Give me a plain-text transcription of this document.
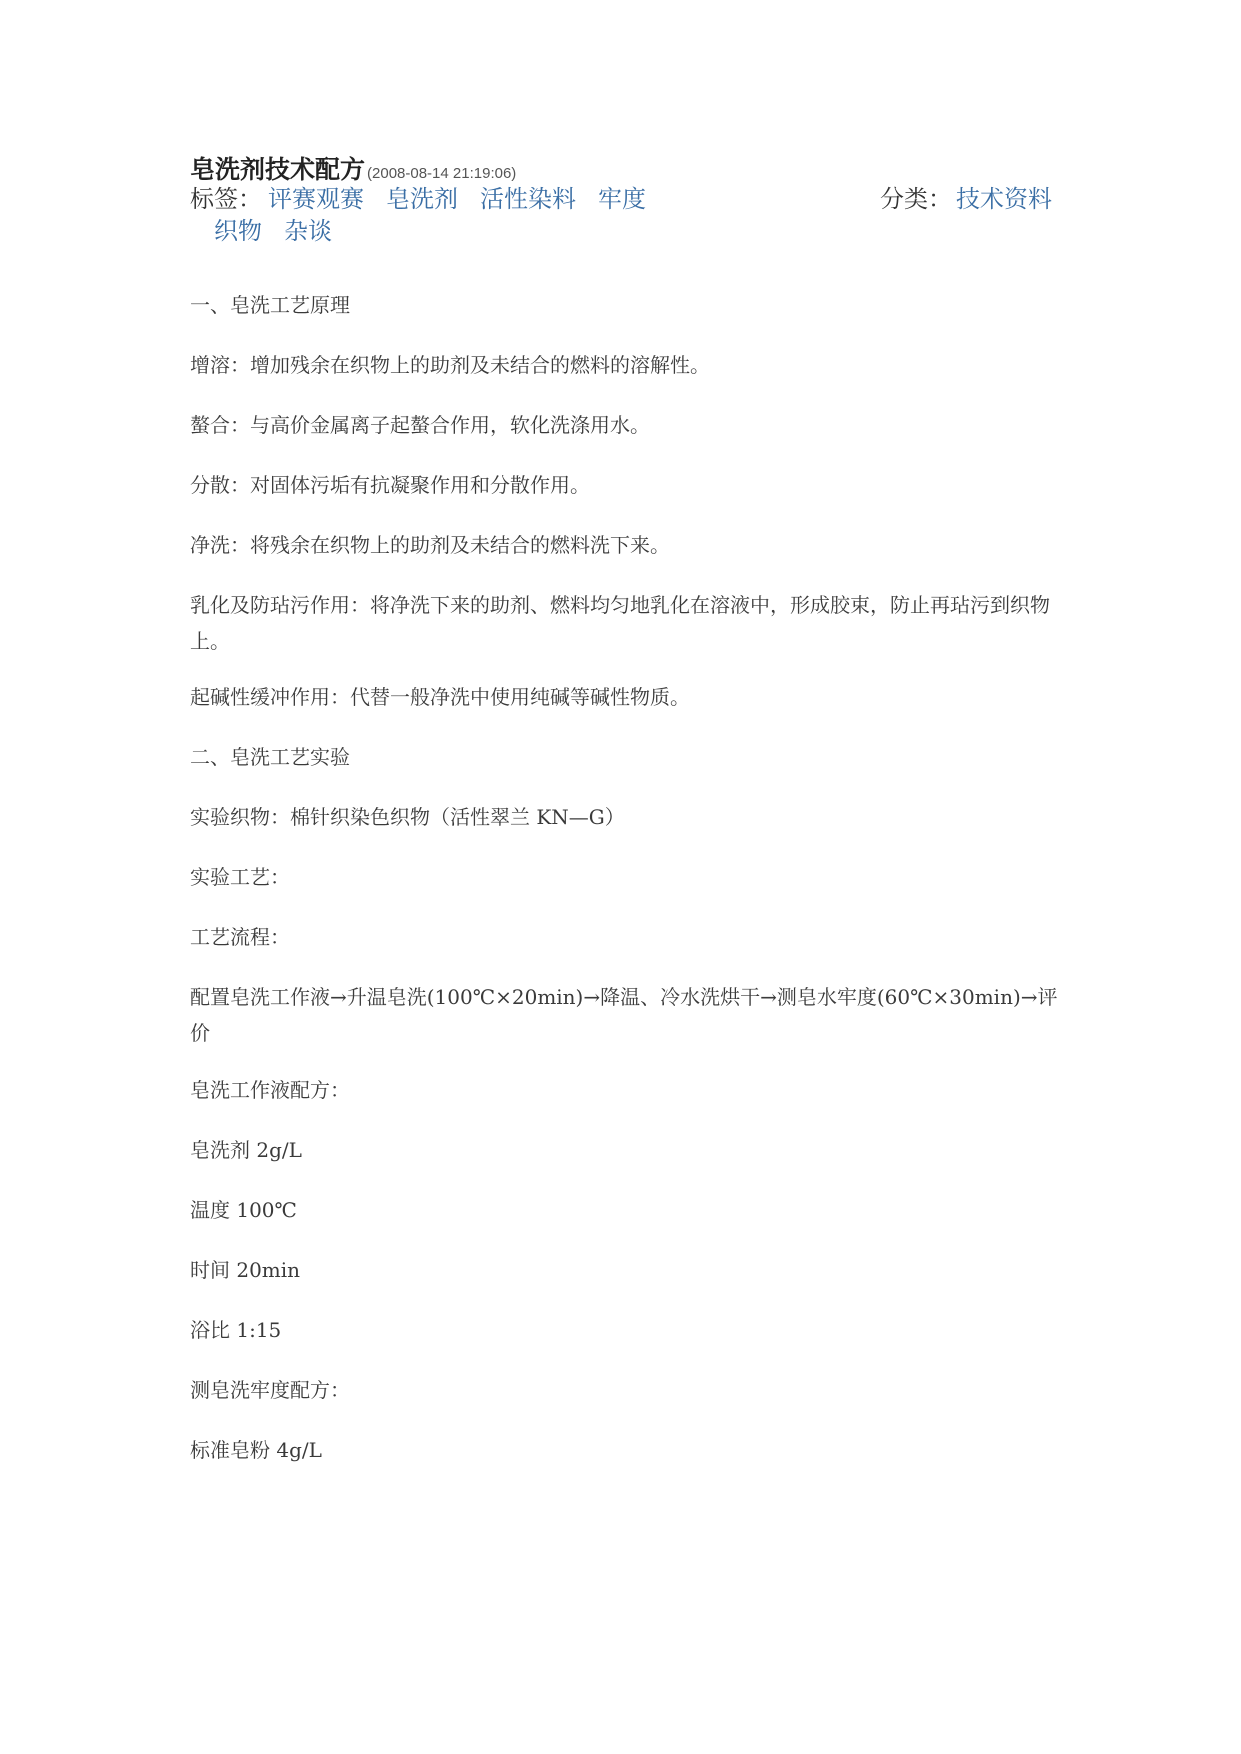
皂洗剂技术配方 (2008-08-14 21:19:06)
标签： 评赛观赛 皂洗剂 活性染料 牢度
织物 杂谈
分类： 技术资料

一、皂洗工艺原理

增溶：增加残余在织物上的助剂及未结合的燃料的溶解性。

螯合：与高价金属离子起螯合作用，软化洗涤用水。

分散：对固体污垢有抗凝聚作用和分散作用。

净洗：将残余在织物上的助剂及未结合的燃料洗下来。

乳化及防玷污作用：将净洗下来的助剂、燃料均匀地乳化在溶液中，形成胶束，防止再玷污到织物上。

起碱性缓冲作用：代替一般净洗中使用纯碱等碱性物质。

二、皂洗工艺实验

实验织物：棉针织染色织物（活性翠兰 KN—G）

实验工艺：

工艺流程：

配置皂洗工作液→升温皂洗(100℃×20min)→降温、冷水洗烘干→测皂水牢度(60℃×30min)→评价

皂洗工作液配方：

皂洗剂 2g/L

温度 100℃

时间 20min

浴比 1:15

测皂洗牢度配方：

标准皂粉 4g/L
